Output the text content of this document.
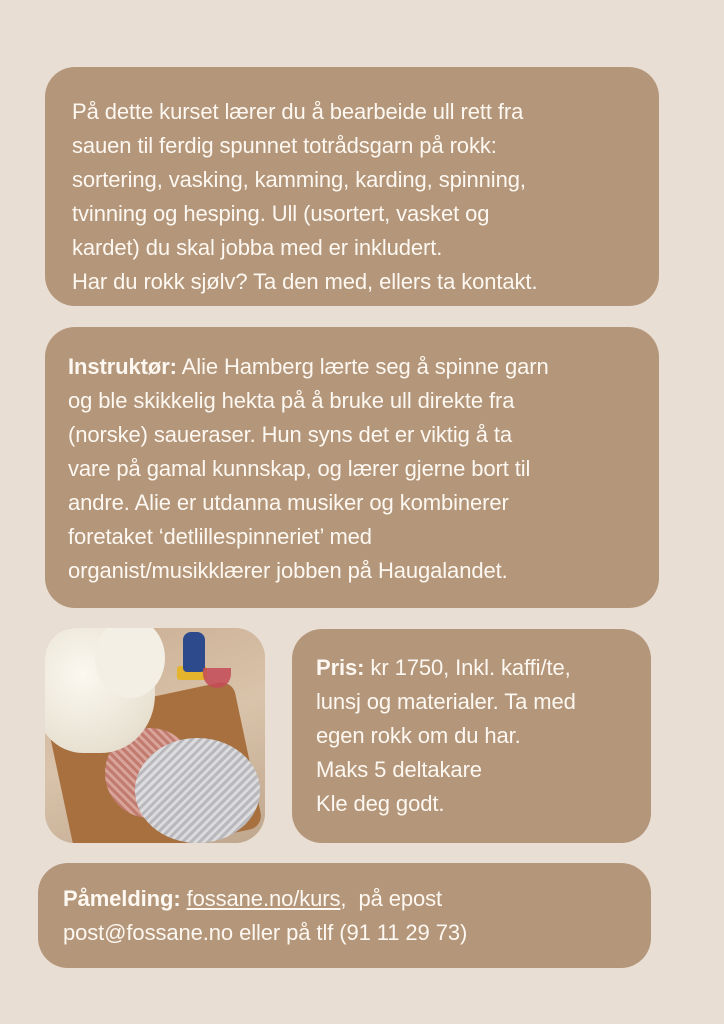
På dette kurset lærer du å bearbeide ull rett fra
sauen til ferdig spunnet totrådsgarn på rokk:
sortering, vasking, kamming, karding, spinning,
tvinning og hesping. Ull (usortert, vasket og
kardet) du skal jobba med er inkludert.
Har du rokk sjølv? Ta den med, ellers ta kontakt.
Instruktør: Alie Hamberg lærte seg å spinne garn
og ble skikkelig hekta på å bruke ull direkte fra
(norske) saueraser. Hun syns det er viktig å ta
vare på gamal kunnskap, og lærer gjerne bort til
andre. Alie er utdanna musiker og kombinerer
foretaket ‘detlillespinneriet’ med
organist/musikklærer jobben på Haugalandet.
Pris: kr 1750, Inkl. kaffi/te,
lunsj og materialer. Ta med
egen rokk om du har.
Maks 5 deltakare
Kle deg godt.
Påmelding: fossane.no/kurs,  på epost
post@fossane.no eller på tlf (91 11 29 73)
